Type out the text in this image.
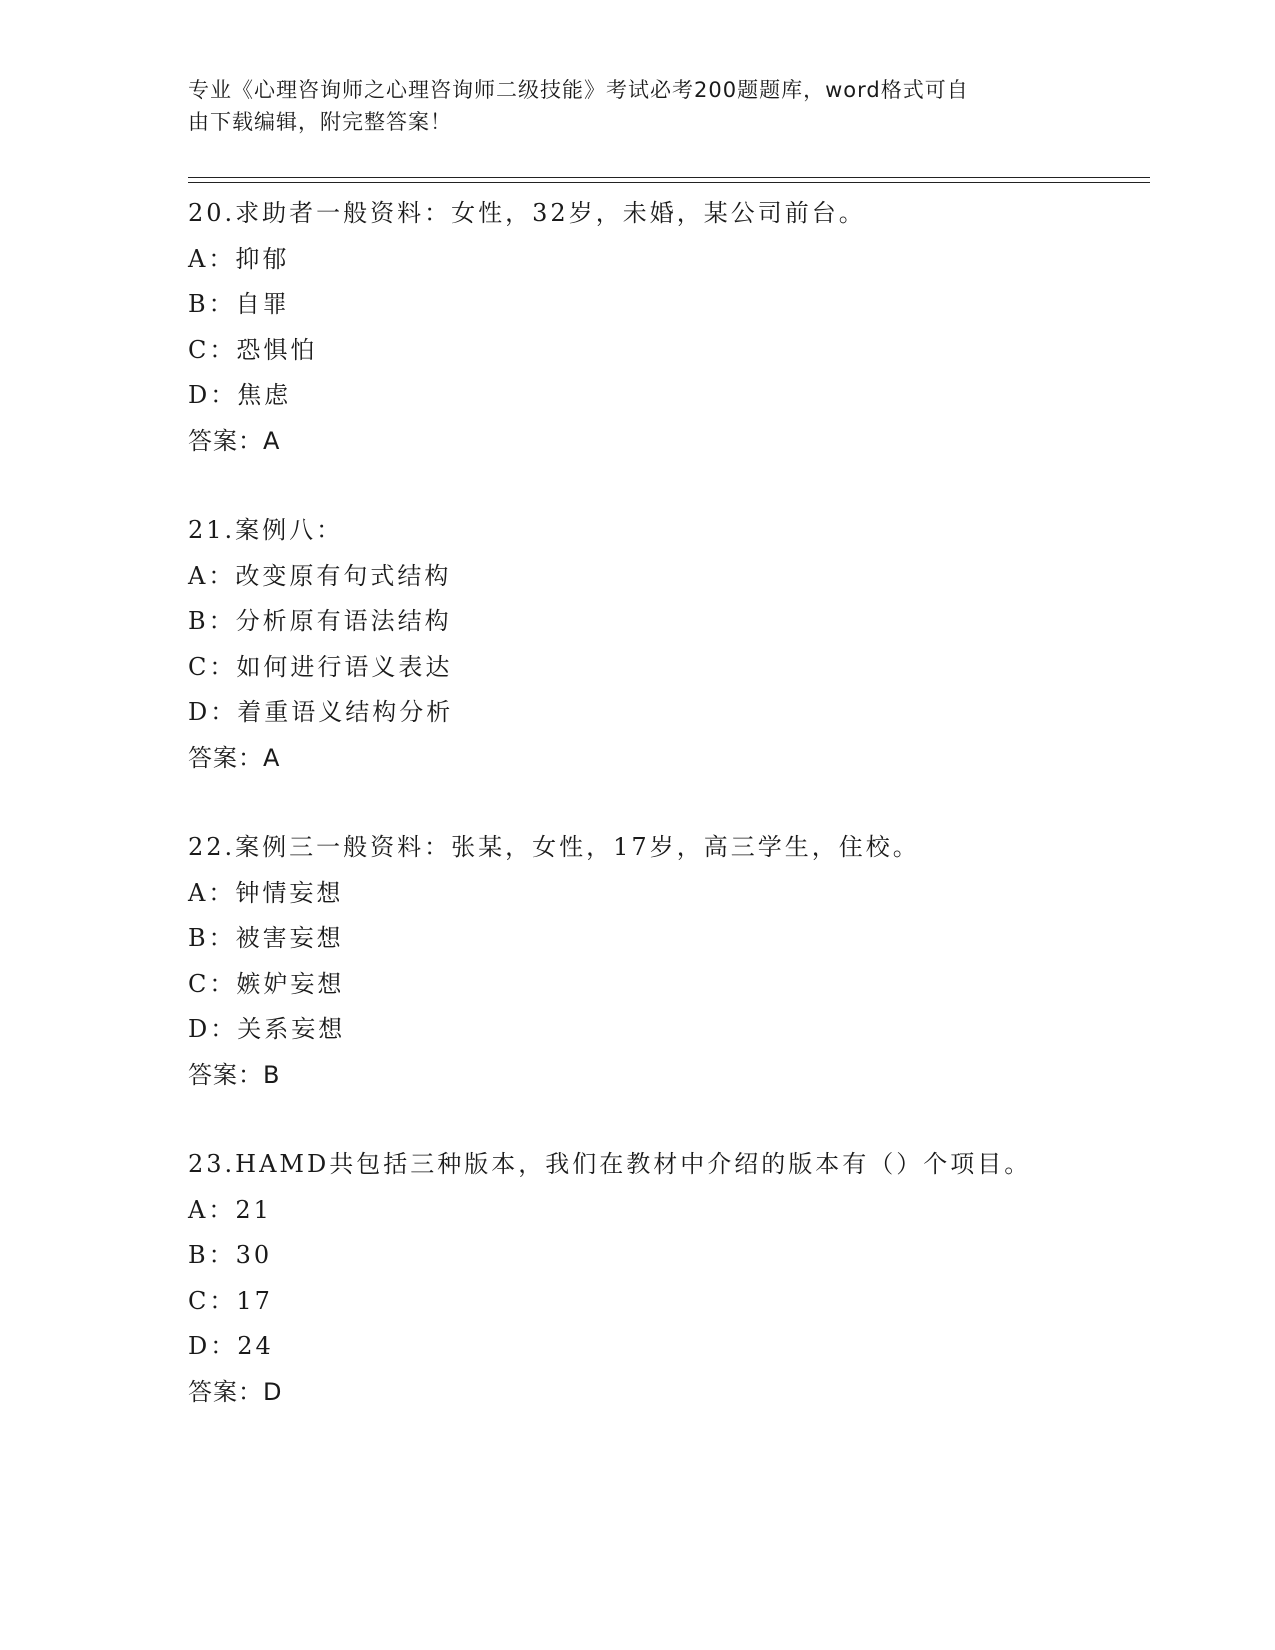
专业《心理咨询师之心理咨询师二级技能》考试必考200题题库，word格式可自
由下载编辑，附完整答案！
20.求助者一般资料：女性，32岁，未婚，某公司前台。
A：抑郁
B：自罪
C：恐惧怕
D：焦虑
答案：A
21.案例八：
A：改变原有句式结构
B：分析原有语法结构
C：如何进行语义表达
D：着重语义结构分析
答案：A
22.案例三一般资料：张某，女性，17岁，高三学生，住校。
A：钟情妄想
B：被害妄想
C：嫉妒妄想
D：关系妄想
答案：B
23.HAMD共包括三种版本，我们在教材中介绍的版本有（）个项目。
A：21
B：30
C：17
D：24
答案：D
